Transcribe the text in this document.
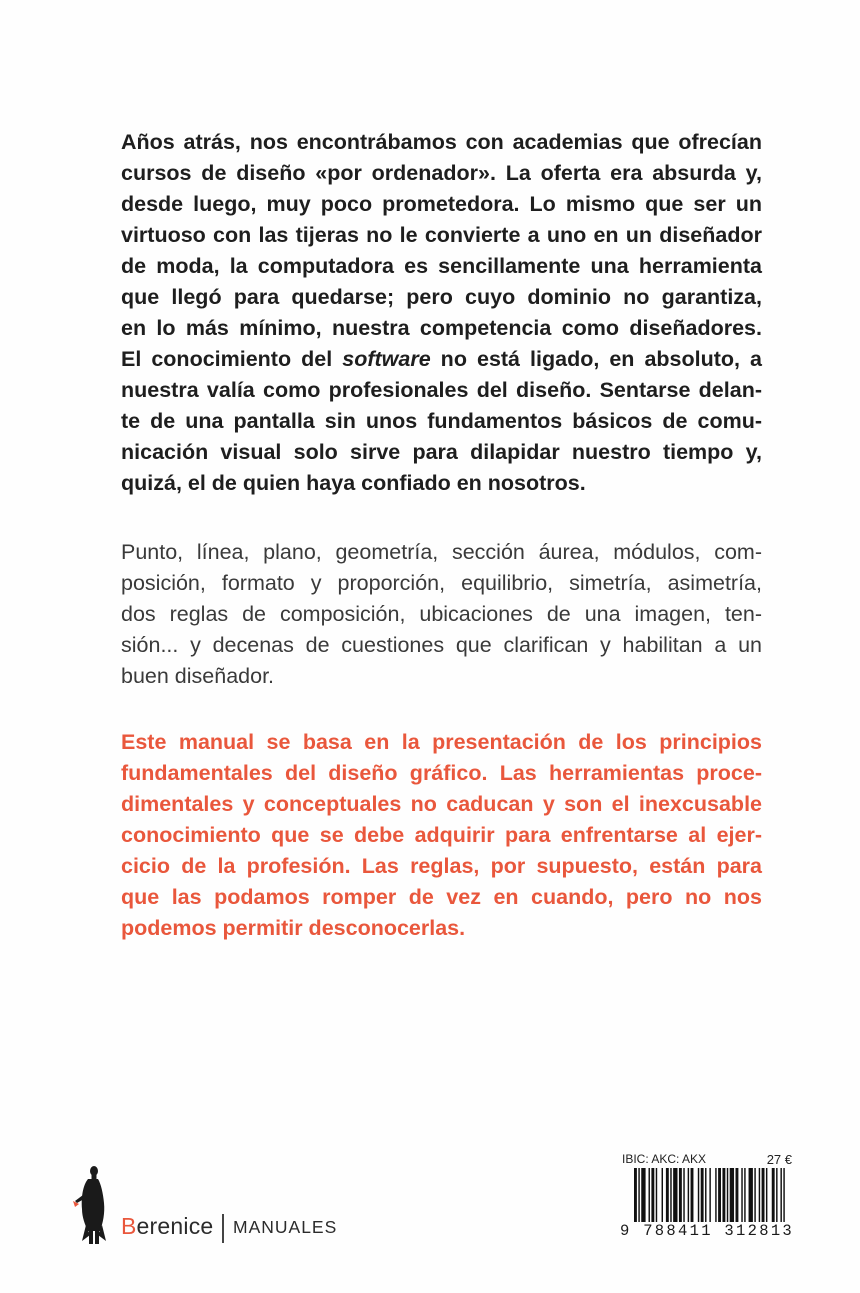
Años atrás, nos encontrábamos con academias que ofrecían
cursos de diseño «por ordenador». La oferta era absurda y,
desde luego, muy poco prometedora. Lo mismo que ser un
virtuoso con las tijeras no le convierte a uno en un diseñador
de moda, la computadora es sencillamente una herramienta
que llegó para quedarse; pero cuyo dominio no garantiza,
en lo más mínimo, nuestra competencia como diseñadores.
El conocimiento del software no está ligado, en absoluto, a
nuestra valía como profesionales del diseño. Sentarse delan-
te de una pantalla sin unos fundamentos básicos de comu-
nicación visual solo sirve para dilapidar nuestro tiempo y,
quizá, el de quien haya confiado en nosotros.
Punto, línea, plano, geometría, sección áurea, módulos, com-
posición, formato y proporción, equilibrio, simetría, asimetría,
dos reglas de composición, ubicaciones de una imagen, ten-
sión... y decenas de cuestiones que clarifican y habilitan a un
buen diseñador.
Este manual se basa en la presentación de los principios
fundamentales del diseño gráfico. Las herramientas proce-
dimentales y conceptuales no caducan y son el inexcusable
conocimiento que se debe adquirir para enfrentarse al ejer-
cicio de la profesión. Las reglas, por supuesto, están para
que las podamos romper de vez en cuando, pero no nos
podemos permitir desconocerlas.
Berenice MANUALES
IBIC: AKC: AKX	27 €
9 788411 312813
